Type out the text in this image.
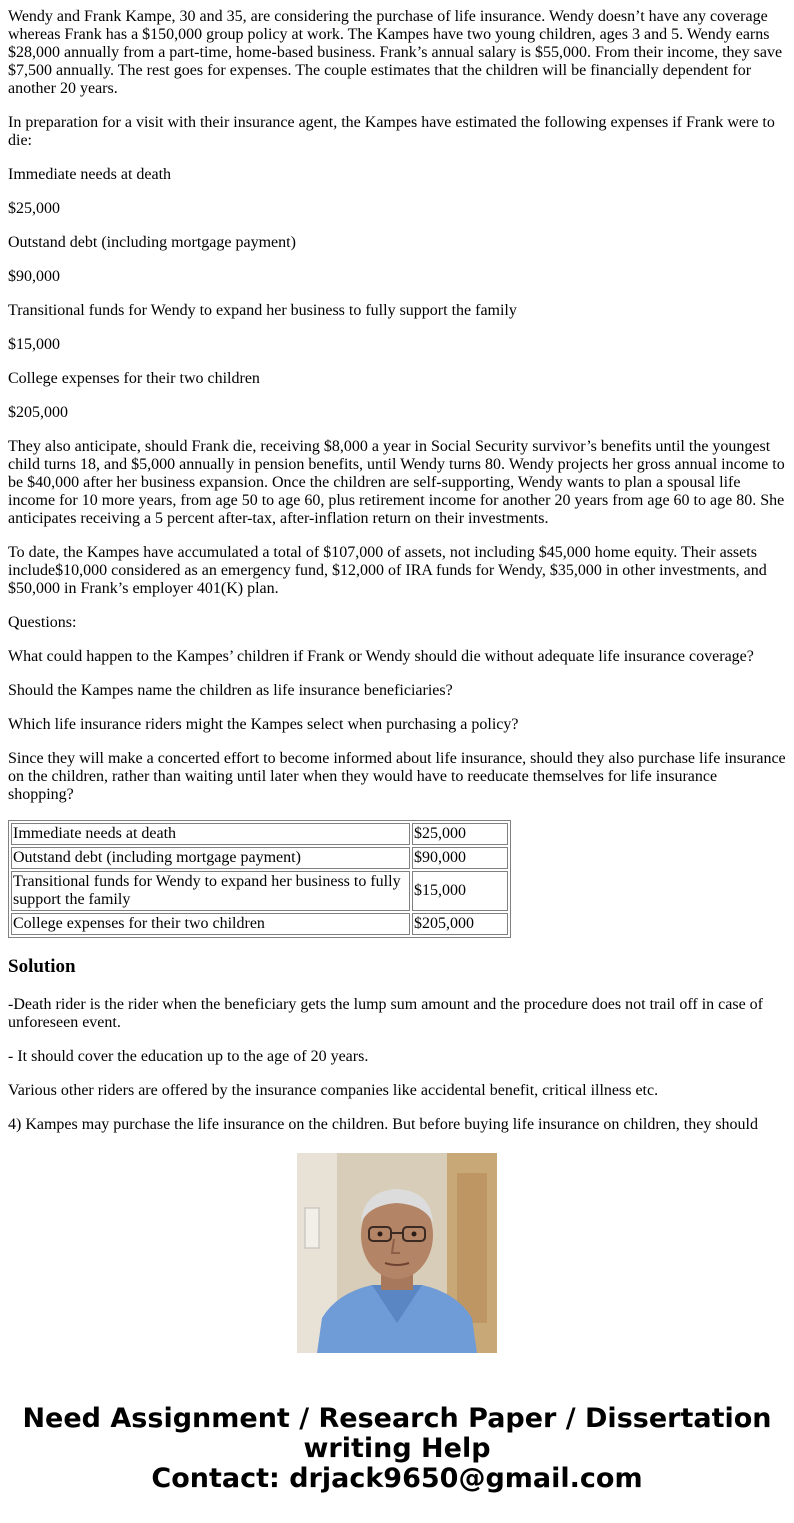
Wendy and Frank Kampe, 30 and 35, are considering the purchase of life insurance. Wendy doesn’t have any coverage whereas Frank has a $150,000 group policy at work. The Kampes have two young children, ages 3 and 5. Wendy earns $28,000 annually from a part-time, home-based business. Frank’s annual salary is $55,000. From their income, they save $7,500 annually. The rest goes for expenses. The couple estimates that the children will be financially dependent for another 20 years.

In preparation for a visit with their insurance agent, the Kampes have estimated the following expenses if Frank were to die:

Immediate needs at death

$25,000

Outstand debt (including mortgage payment)

$90,000

Transitional funds for Wendy to expand her business to fully support the family

$15,000

College expenses for their two children

$205,000

They also anticipate, should Frank die, receiving $8,000 a year in Social Security survivor’s benefits until the youngest child turns 18, and $5,000 annually in pension benefits, until Wendy turns 80. Wendy projects her gross annual income to be $40,000 after her business expansion. Once the children are self-supporting, Wendy wants to plan a spousal life income for 10 more years, from age 50 to age 60, plus retirement income for another 20 years from age 60 to age 80. She anticipates receiving a 5 percent after-tax, after-inflation return on their investments.

To date, the Kampes have accumulated a total of $107,000 of assets, not including $45,000 home equity. Their assets include$10,000 considered as an emergency fund, $12,000 of IRA funds for Wendy, $35,000 in other investments, and $50,000 in Frank’s employer 401(K) plan.

Questions:

What could happen to the Kampes’ children if Frank or Wendy should die without adequate life insurance coverage?

Should the Kampes name the children as life insurance beneficiaries?

Which life insurance riders might the Kampes select when purchasing a policy?

Since they will make a concerted effort to become informed about life insurance, should they also purchase life insurance on the children, rather than waiting until later when they would have to reeducate themselves for life insurance shopping?

Immediate needs at death	$25,000
Outstand debt (including mortgage payment)	$90,000
Transitional funds for Wendy to expand her business to fully support the family	$15,000
College expenses for their two children	$205,000
Solution

-Death rider is the rider when the beneficiary gets the lump sum amount and the procedure does not trail off in case of unforeseen event.

- It should cover the education up to the age of 20 years.

Various other riders are offered by the insurance companies like accidental benefit, critical illness etc.

4) Kampes may purchase the life insurance on the children. But before buying life insurance on children, they should

Need Assignment / Research Paper / Dissertation writing Help
Contact: drjack9650@gmail.com
